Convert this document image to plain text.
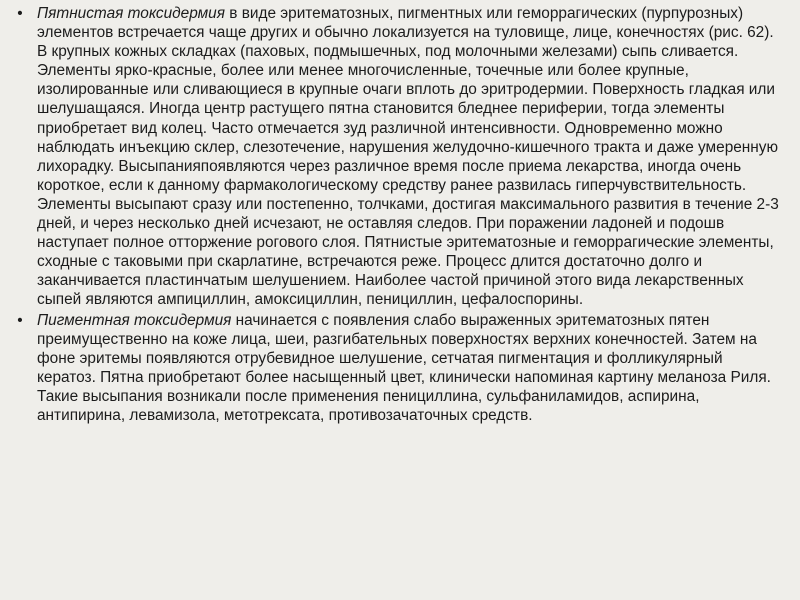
• Пятнистая токсидермия в виде эритематозных, пигментных или геморрагических (пурпурозных) элементов встречается чаще других и обычно локализуется на туловище, лице, конечностях (рис. 62). В крупных кожных складках (паховых, подмышечных, под молочными железами) сыпь сливается. Элементы ярко-красные, более или менее многочисленные, точечные или более крупные, изолированные или сливающиеся в крупные очаги вплоть до эритродермии. Поверхность гладкая или шелушащаяся. Иногда центр растущего пятна становится бледнее периферии, тогда элементы приобретает вид колец. Часто отмечается зуд различной интенсивности. Одновременно можно наблюдать инъекцию склер, слезотечение, нарушения желудочно-кишечного тракта и даже умеренную лихорадку. Высыпанияпоявляются через различное время после приема лекарства, иногда очень короткое, если к данному фармакологическому средству ранее развилась гиперчувствительность. Элементы высыпают сразу или постепенно, толчками, достигая максимального развития в течение 2-3 дней, и через несколько дней исчезают, не оставляя следов. При поражении ладоней и подошв наступает полное отторжение рогового слоя. Пятнистые эритематозные и геморрагические элементы, сходные с таковыми при скарлатине, встречаются реже. Процесс длится достаточно долго и заканчивается пластинчатым шелушением. Наиболее частой причиной этого вида лекарственных сыпей являются ампициллин, амоксициллин, пенициллин, цефалоспорины.
• Пигментная токсидермия начинается с появления слабо выраженных эритематозных пятен преимущественно на коже лица, шеи, разгибательных поверхностях верхних конечностей. Затем на фоне эритемы появляются отрубевидное шелушение, сетчатая пигментация и фолликулярный кератоз. Пятна приобретают более насыщенный цвет, клинически напоминая картину меланоза Риля. Такие высыпания возникали после применения пенициллина, сульфаниламидов, аспирина, антипирина, левамизола, метотрексата, противозачаточных средств.
